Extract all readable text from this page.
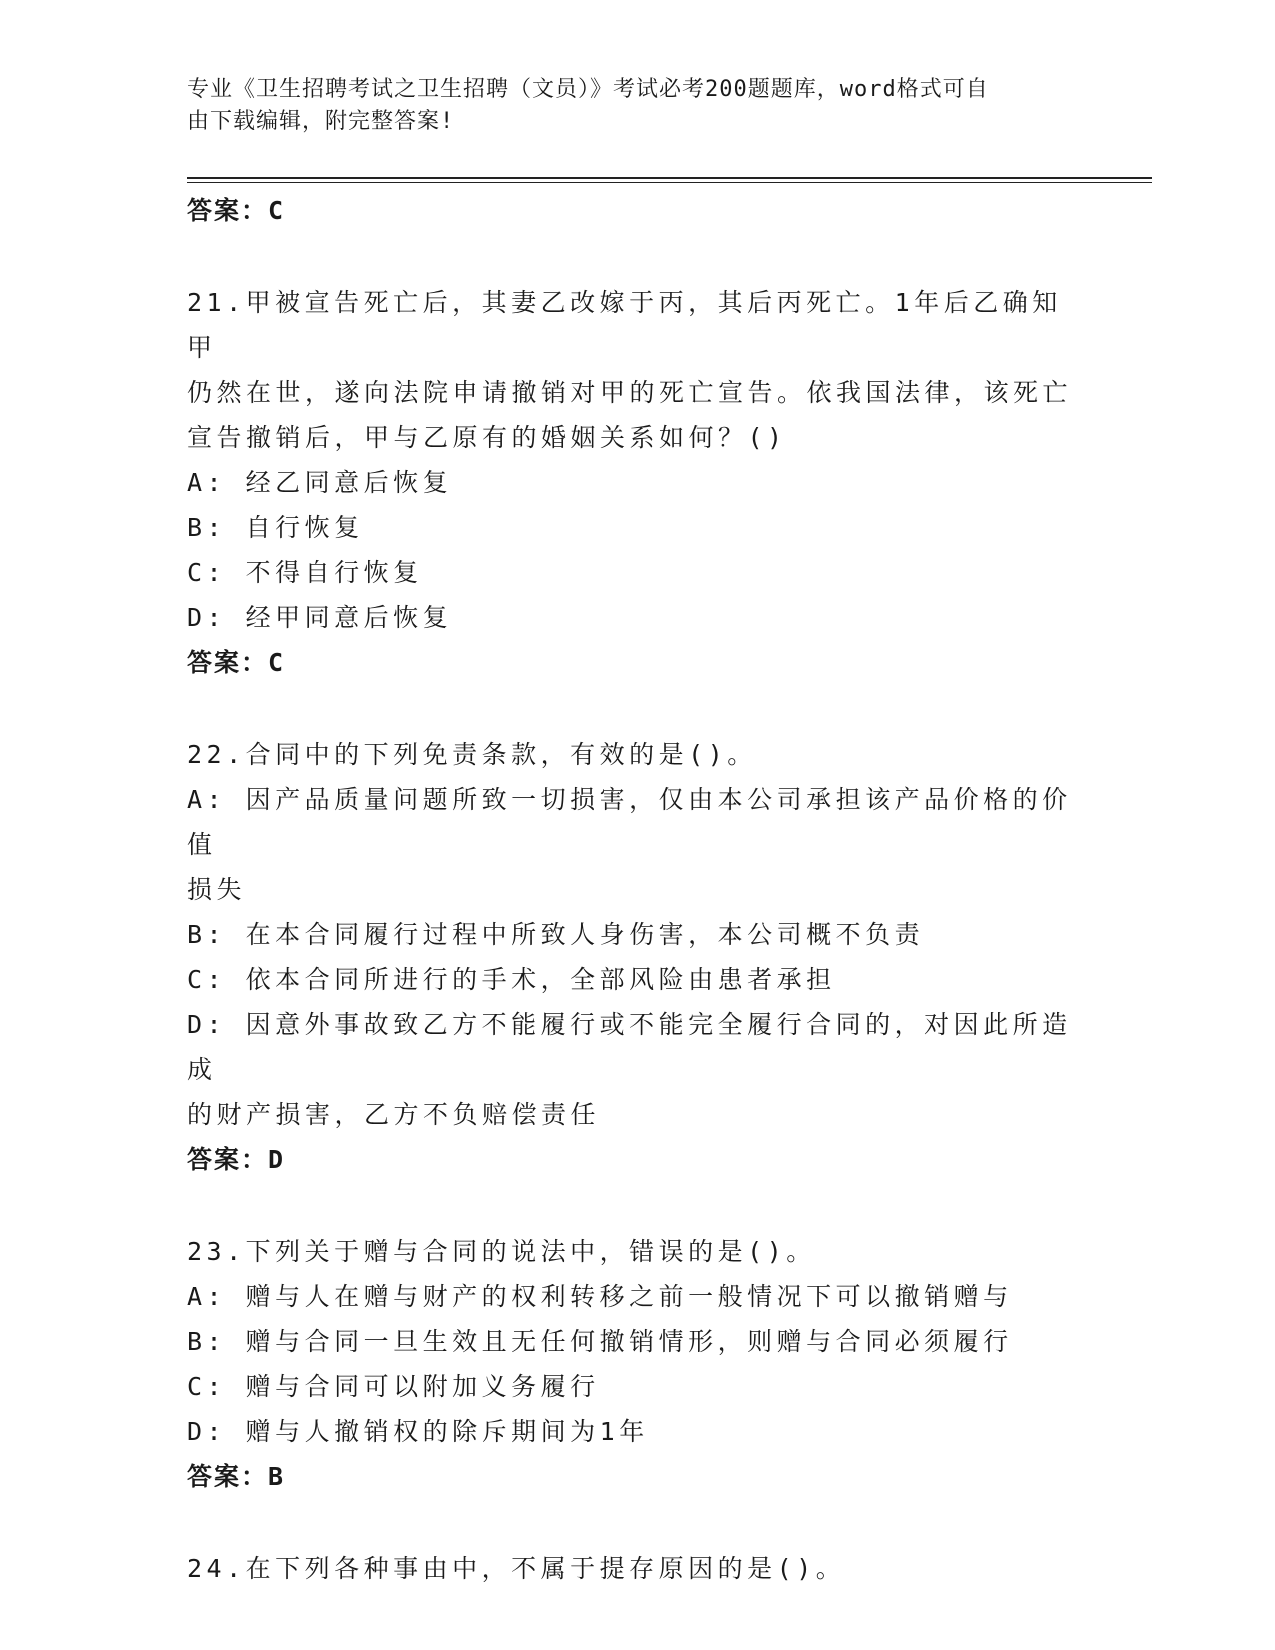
专业《卫生招聘考试之卫生招聘（文员）》考试必考200题题库，word格式可自
由下载编辑，附完整答案!
答案：C
21.甲被宣告死亡后，其妻乙改嫁于丙，其后丙死亡。1年后乙确知甲
仍然在世，遂向法院申请撤销对甲的死亡宣告。依我国法律，该死亡
宣告撤销后，甲与乙原有的婚姻关系如何？()
A: 经乙同意后恢复
B: 自行恢复
C: 不得自行恢复
D: 经甲同意后恢复
答案：C
22.合同中的下列免责条款，有效的是()。
A: 因产品质量问题所致一切损害，仅由本公司承担该产品价格的价值
损失
B: 在本合同履行过程中所致人身伤害，本公司概不负责
C: 依本合同所进行的手术，全部风险由患者承担
D: 因意外事故致乙方不能履行或不能完全履行合同的，对因此所造成
的财产损害，乙方不负赔偿责任
答案：D
23.下列关于赠与合同的说法中，错误的是()。
A: 赠与人在赠与财产的权利转移之前一般情况下可以撤销赠与
B: 赠与合同一旦生效且无任何撤销情形，则赠与合同必须履行
C: 赠与合同可以附加义务履行
D: 赠与人撤销权的除斥期间为1年
答案：B
24.在下列各种事由中，不属于提存原因的是()。
